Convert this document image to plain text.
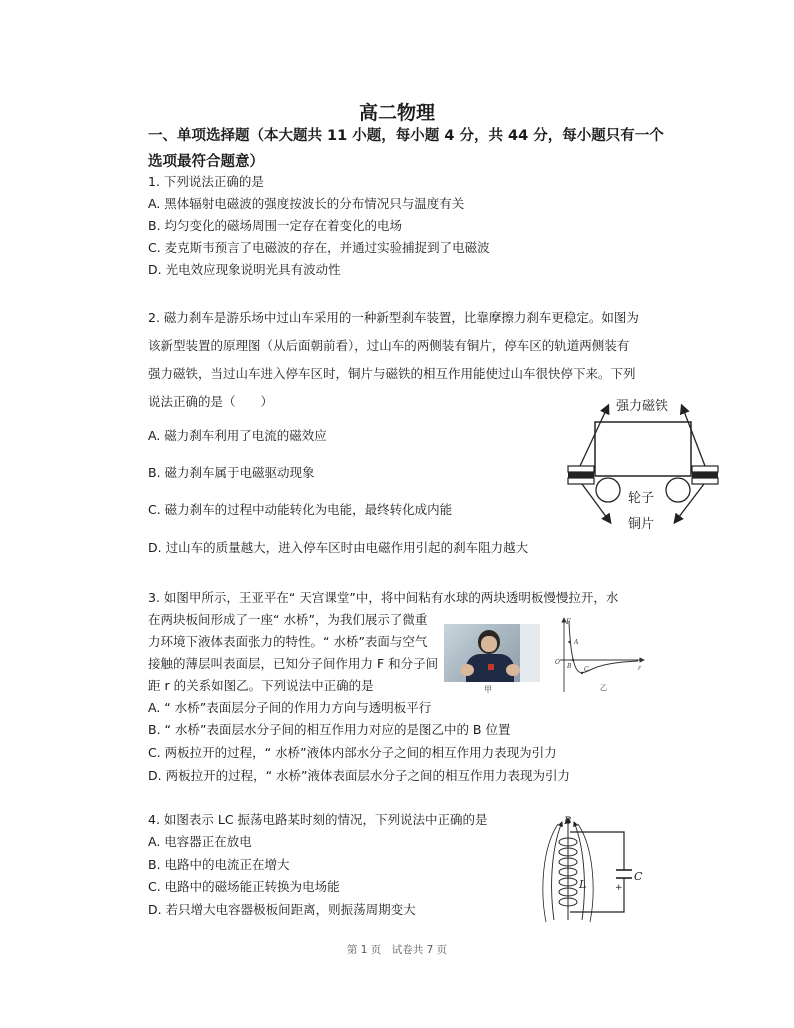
高二物理
一、单项选择题（本大题共 11 小题，每小题 4 分，共 44 分，每小题只有一个
选项最符合题意）
1. 下列说法正确的是
A. 黑体辐射电磁波的强度按波长的分布情况只与温度有关
B. 均匀变化的磁场周围一定存在着变化的电场
C. 麦克斯韦预言了电磁波的存在，并通过实验捕捉到了电磁波
D. 光电效应现象说明光具有波动性
2. 磁力刹车是游乐场中过山车采用的一种新型刹车装置，比靠摩擦力刹车更稳定。如图为
该新型装置的原理图（从后面朝前看），过山车的两侧装有铜片，停车区的轨道两侧装有
强力磁铁，当过山车进入停车区时，铜片与磁铁的相互作用能使过山车很快停下来。下列
说法正确的是（　　）
A. 磁力刹车利用了电流的磁效应
B. 磁力刹车属于电磁驱动现象
C. 磁力刹车的过程中动能转化为电能，最终转化成内能
D. 过山车的质量越大，进入停车区时由电磁作用引起的刹车阻力越大
强力磁铁
轮子
铜片
3. 如图甲所示，王亚平在“ 天宫课堂”中，将中间粘有水球的两块透明板慢慢拉开，水
在两块板间形成了一座“ 水桥”，为我们展示了微重
力环境下液体表面张力的特性。“ 水桥”表面与空气
接触的薄层叫表面层，已知分子间作用力 F 和分子间
距 r 的关系如图乙。下列说法中正确的是
A. “ 水桥”表面层分子间的作用力方向与透明板平行
B. “ 水桥”表面层水分子间的相互作用力对应的是图乙中的 B 位置
C. 两板拉开的过程，“ 水桥”液体内部水分子之间的相互作用力表现为引力
D. 两板拉开的过程，“ 水桥”液体表面层水分子之间的相互作用力表现为引力
甲
F
A
O
B C	r
乙
4. 如图表示 LC 振荡电路某时刻的情况，下列说法中正确的是
A. 电容器正在放电
B. 电路中的电流正在增大
C. 电路中的磁场能正转换为电场能
D. 若只增大电容器极板间距离，则振荡周期变大
+
C
B
L
第 1 页　试卷共 7 页
